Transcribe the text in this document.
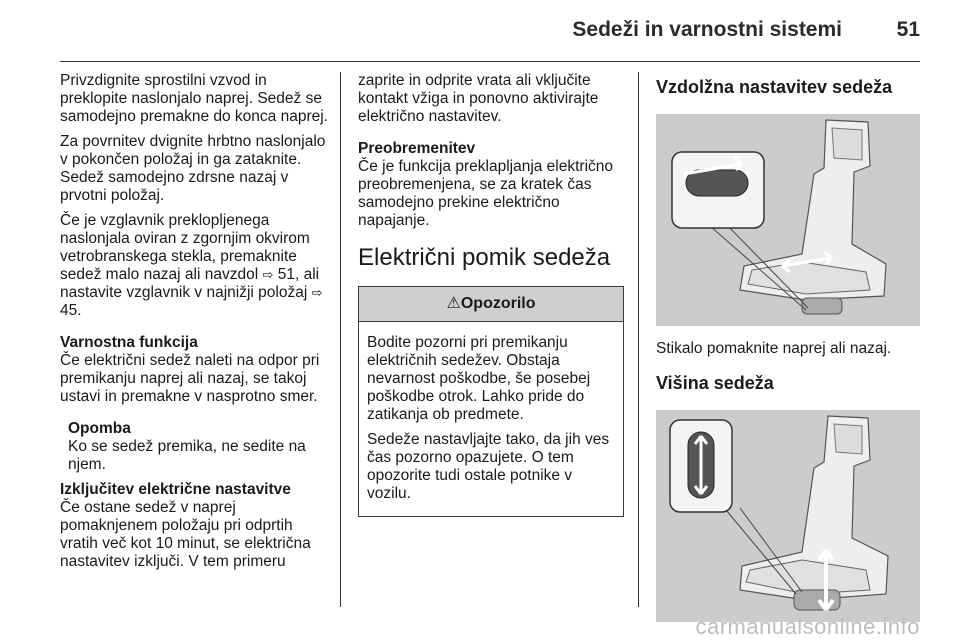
Sedeži in varnostni sistemi	51

Privzdignite sprostilni vzvod in preklopite naslonjalo naprej. Sedež se samodejno premakne do konca naprej.

Za povrnitev dvignite hrbtno naslonjalo v pokončen položaj in ga zataknite. Sedež samodejno zdrsne nazaj v prvotni položaj.

Če je vzglavnik preklopljenega naslonjala oviran z zgornjim okvirom vetrobranskega stekla, premaknite sedež malo nazaj ali navzdol ⇨ 51, ali nastavite vzglavnik v najnižji položaj ⇨ 45.

Varnostna funkcija

Če električni sedež naleti na odpor pri premikanju naprej ali nazaj, se takoj ustavi in premakne v nasprotno smer.

Opomba

Ko se sedež premika, ne sedite na njem.

Izključitev električne nastavitve

Če ostane sedež v naprej pomaknjenem položaju pri odprtih vratih več kot 10 minut, se električna nastavitev izključi. V tem primeru

zaprite in odprite vrata ali vključite kontakt vžiga in ponovno aktivirajte električno nastavitev.

Preobremenitev

Če je funkcija preklapljanja električno preobremenjena, se za kratek čas samodejno prekine električno napajanje.

Električni pomik sedeža
⚠Opozorilo

Bodite pozorni pri premikanju električnih sedežev. Obstaja nevarnost poškodbe, še posebej poškodbe otrok. Lahko pride do zatikanja ob predmete.

Sedeže nastavljajte tako, da jih ves čas pozorno opazujete. O tem opozorite tudi ostale potnike v vozilu.

Vzdolžna nastavitev sedeža

Stikalo pomaknite naprej ali nazaj.

Višina sedeža
carmanualsonline.info
